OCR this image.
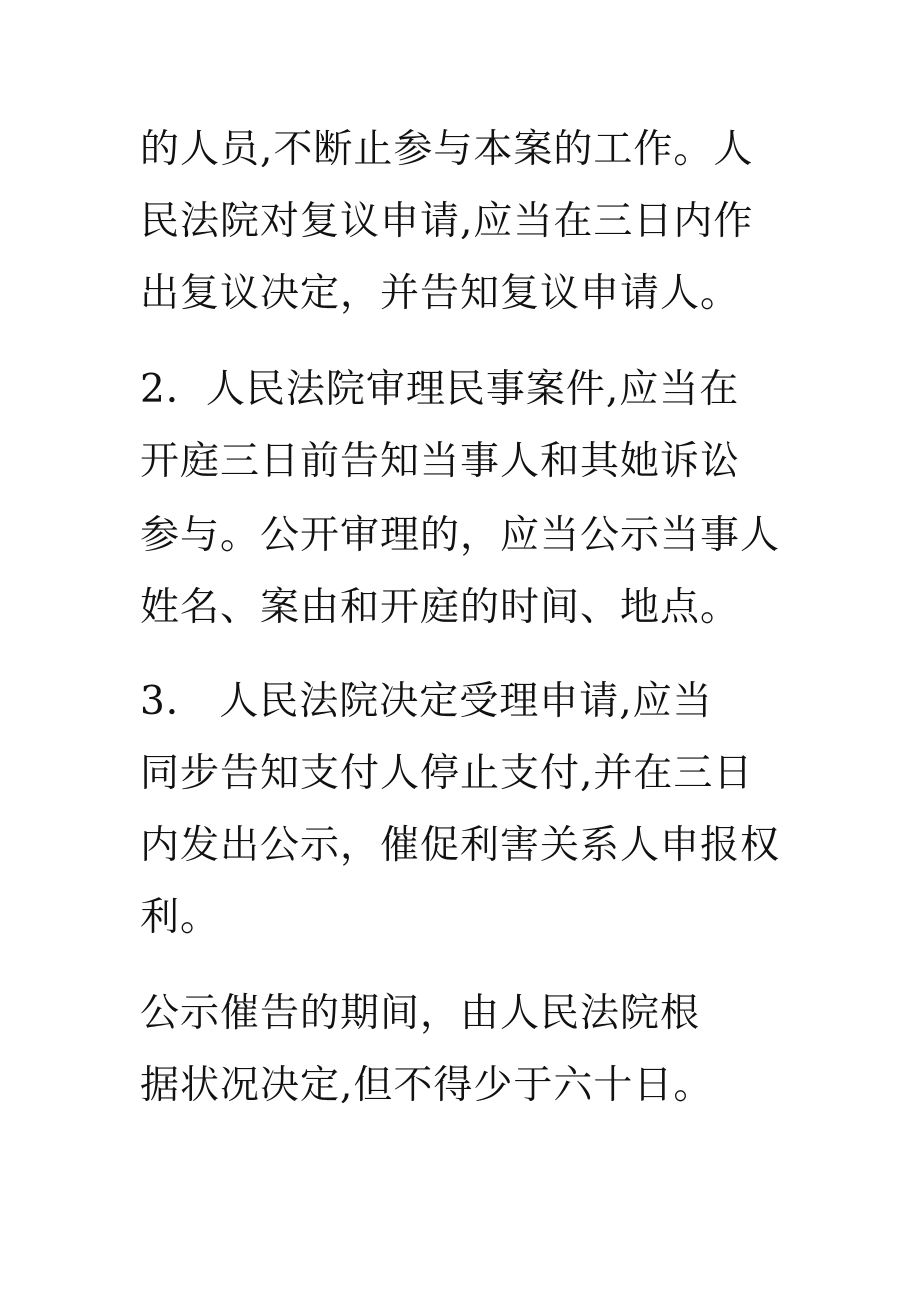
的人员,不断止参与本案的工作。人
民法院对复议申请,应当在三日内作
出复议决定，并告知复议申请人。
2．人民法院审理民事案件,应当在
开庭三日前告知当事人和其她诉讼
参与。公开审理的，应当公示当事人
姓名、案由和开庭的时间、地点。
3． 人民法院决定受理申请,应当
同步告知支付人停止支付,并在三日
内发出公示，催促利害关系人申报权
利。
公示催告的期间，由人民法院根
据状况决定,但不得少于六十日。
